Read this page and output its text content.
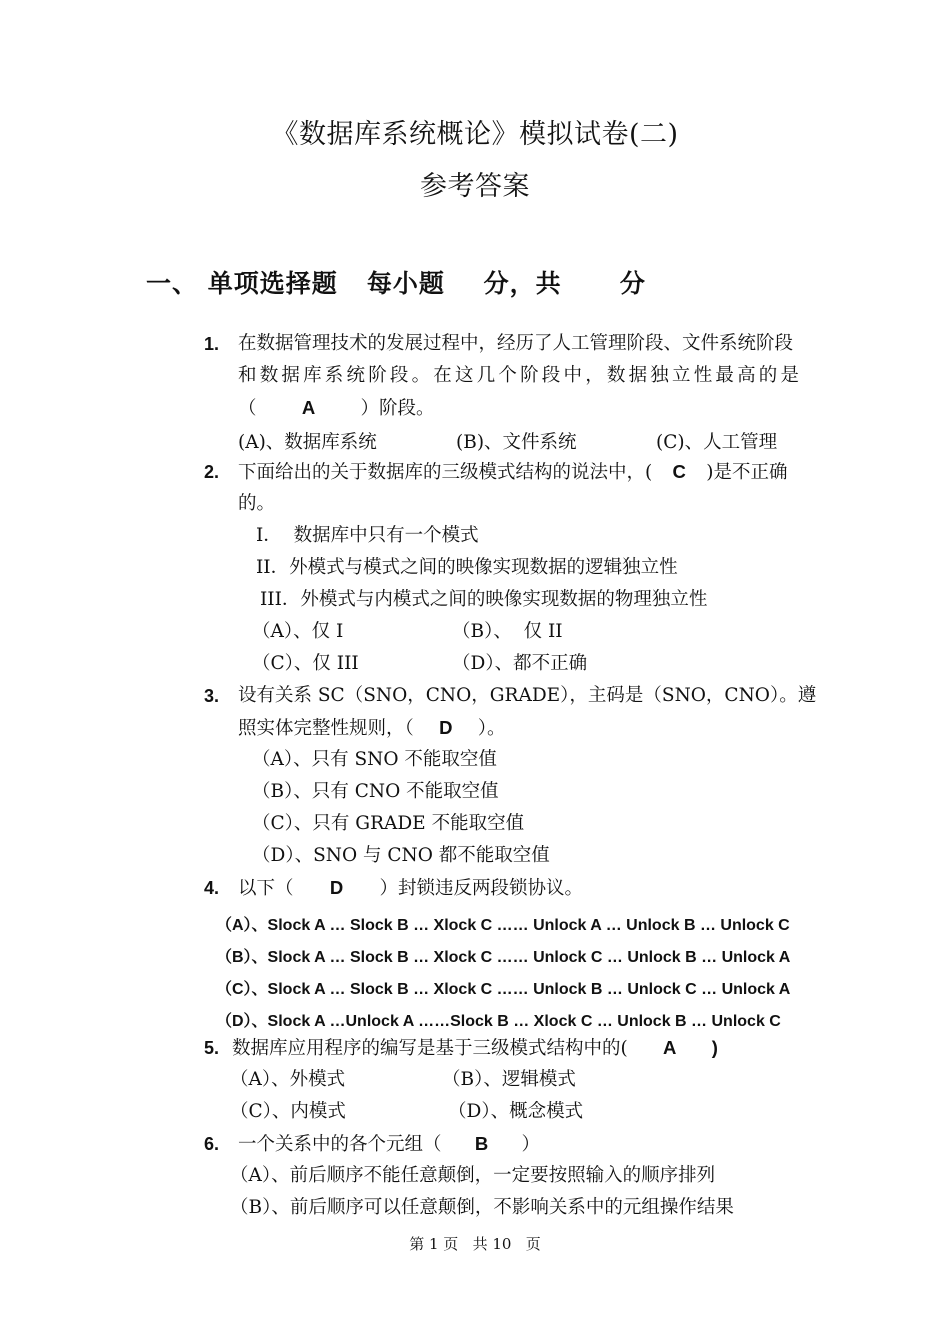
《数据库系统概论》模拟试卷(二)
参考答案
一、 单项选择题   每小题    分，共      分
1. 在数据管理技术的发展过程中，经历了人工管理阶段、文件系统阶段
和数据库系统阶段。在这几个阶段中，数据独立性最高的是
（ A ）阶段。
(A)、数据库系统	(B)、文件系统	(C)、人工管理
2. 下面给出的关于数据库的三级模式结构的说法中，( C )是不正确
的。
I．  数据库中只有一个模式
II．外模式与模式之间的映像实现数据的逻辑独立性
III．外模式与内模式之间的映像实现数据的物理独立性
（A）、仅 I	（B）、  仅 II
（C）、仅 III	（D）、都不正确
3. 设有关系 SC（SNO，CNO，GRADE），主码是（SNO，CNO）。遵
照实体完整性规则，（ D ）。
（A）、只有 SNO 不能取空值
（B）、只有 CNO 不能取空值
（C）、只有 GRADE 不能取空值
（D）、SNO 与 CNO 都不能取空值
4. 以下（ D ）封锁违反两段锁协议。
（A）、Slock A … Slock B … Xlock C …… Unlock A … Unlock B … Unlock C
（B）、Slock A … Slock B … Xlock C …… Unlock C … Unlock B … Unlock A
（C）、Slock A … Slock B … Xlock C …… Unlock B … Unlock C … Unlock A
（D）、Slock A …Unlock A ……Slock B … Xlock C … Unlock B … Unlock C
5. 数据库应用程序的编写是基于三级模式结构中的( A )
（A）、外模式	（B）、逻辑模式
（C）、内模式	（D）、概念模式
6. 一个关系中的各个元组（ B ）
（A）、前后顺序不能任意颠倒，一定要按照输入的顺序排列
（B）、前后顺序可以任意颠倒，不影响关系中的元组操作结果
第 1 页   共 10   页
